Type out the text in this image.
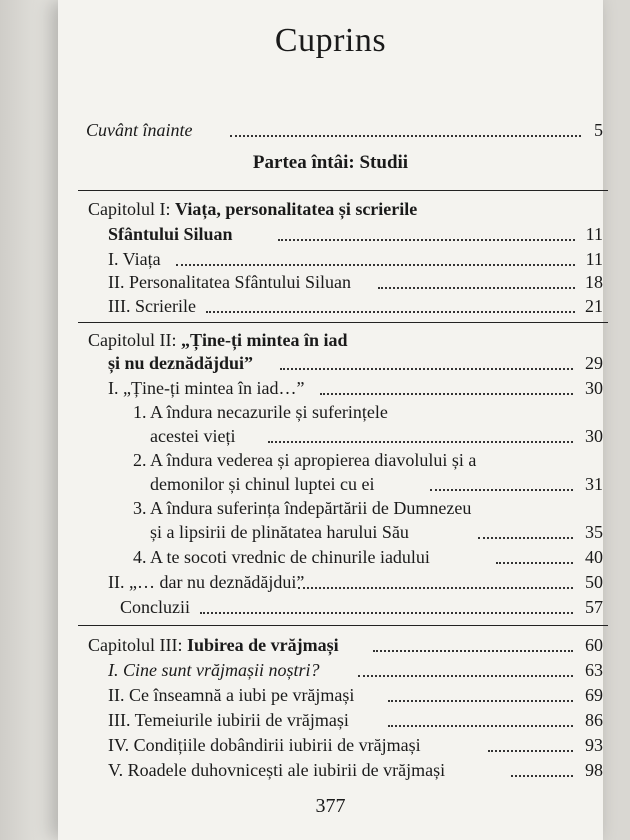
Cuprins
Cuvânt înainte	5
Partea întâi: Studii
Capitolul I: Viața, personalitatea și scrierile
Sfântului Siluan	11
I. Viața	11
II. Personalitatea Sfântului Siluan	18
III. Scrierile	21
Capitolul II: „Ține-ți mintea în iad
și nu deznădăjdui”	29
I. „Ține-ți mintea în iad…”	30
1. A îndura necazurile și suferințele
acestei vieți	30
2. A îndura vederea și apropierea diavolului și a
demonilor și chinul luptei cu ei	31
3. A îndura suferința îndepărtării de Dumnezeu
și a lipsirii de plinătatea harului Său	35
4. A te socoti vrednic de chinurile iadului	40
II. „… dar nu deznădăjdui”	50
Concluzii	57
Capitolul III: Iubirea de vrăjmași	60
I. Cine sunt vrăjmașii noștri?	63
II. Ce înseamnă a iubi pe vrăjmași	69
III. Temeiurile iubirii de vrăjmași	86
IV. Condițiile dobândirii iubirii de vrăjmași	93
V. Roadele duhovnicești ale iubirii de vrăjmași	98
377
